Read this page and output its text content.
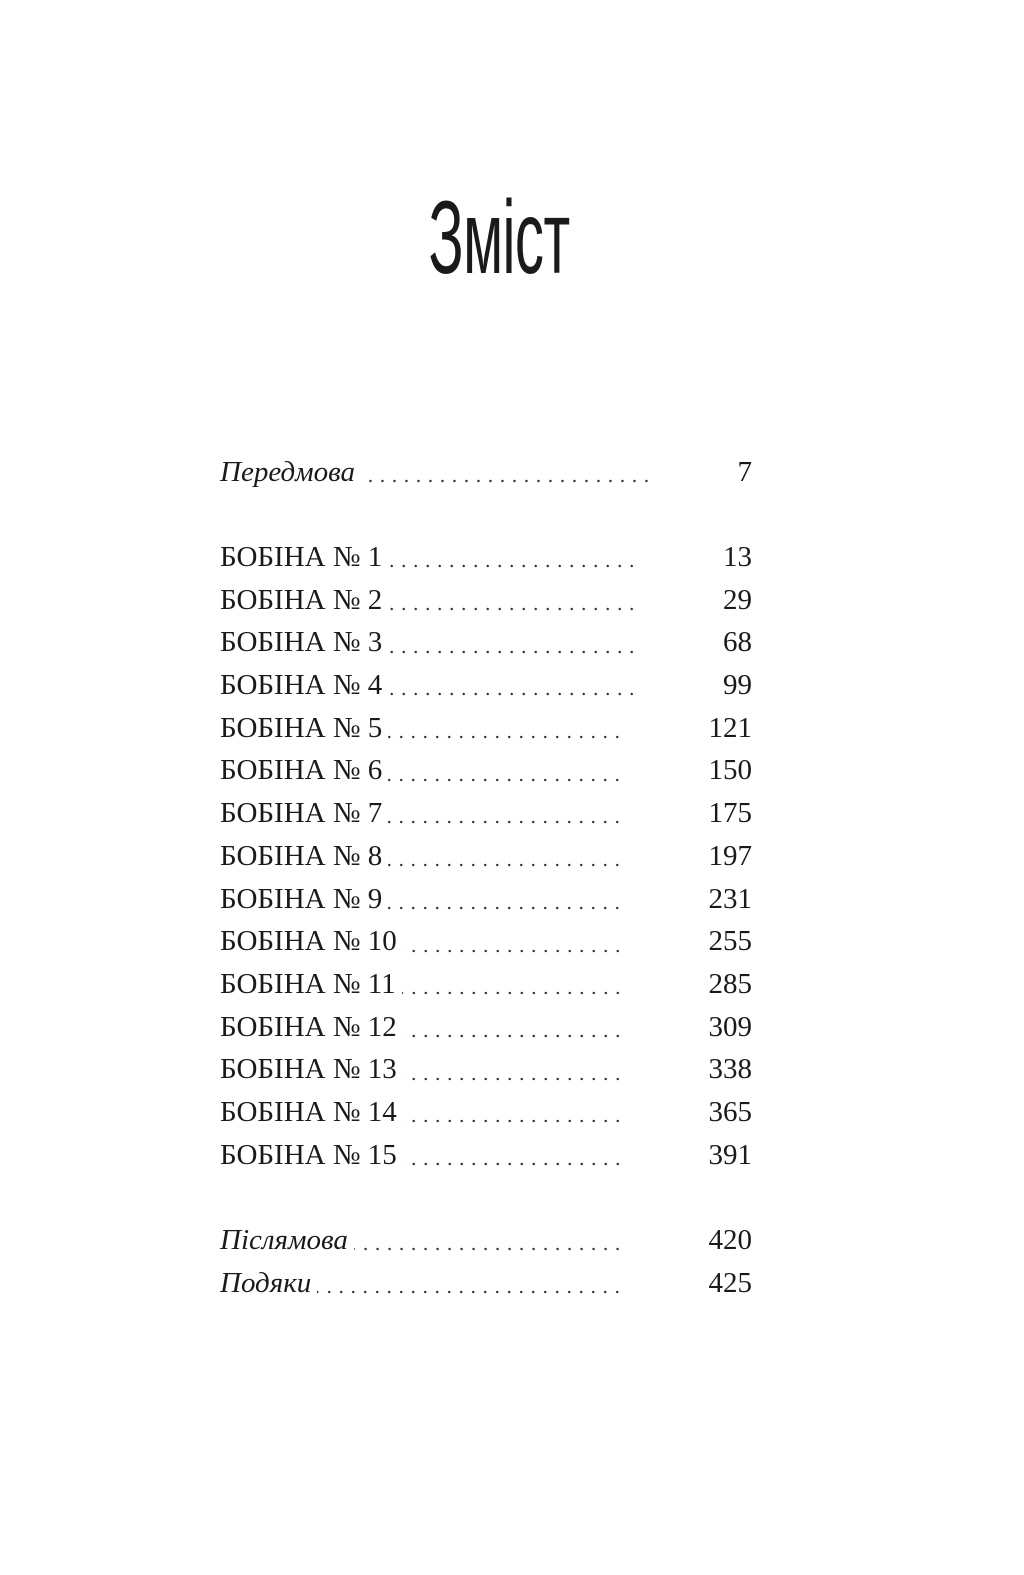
Зміст
Передмова	7
БОБІНА № 1	13
БОБІНА № 2	29
БОБІНА № 3	68
БОБІНА № 4	99
БОБІНА № 5	121
БОБІНА № 6	150
БОБІНА № 7	175
БОБІНА № 8	197
БОБІНА № 9	231
БОБІНА № 10	255
БОБІНА № 11	285
БОБІНА № 12	309
БОБІНА № 13	338
БОБІНА № 14	365
БОБІНА № 15	391
Післямова	420
Подяки	425
